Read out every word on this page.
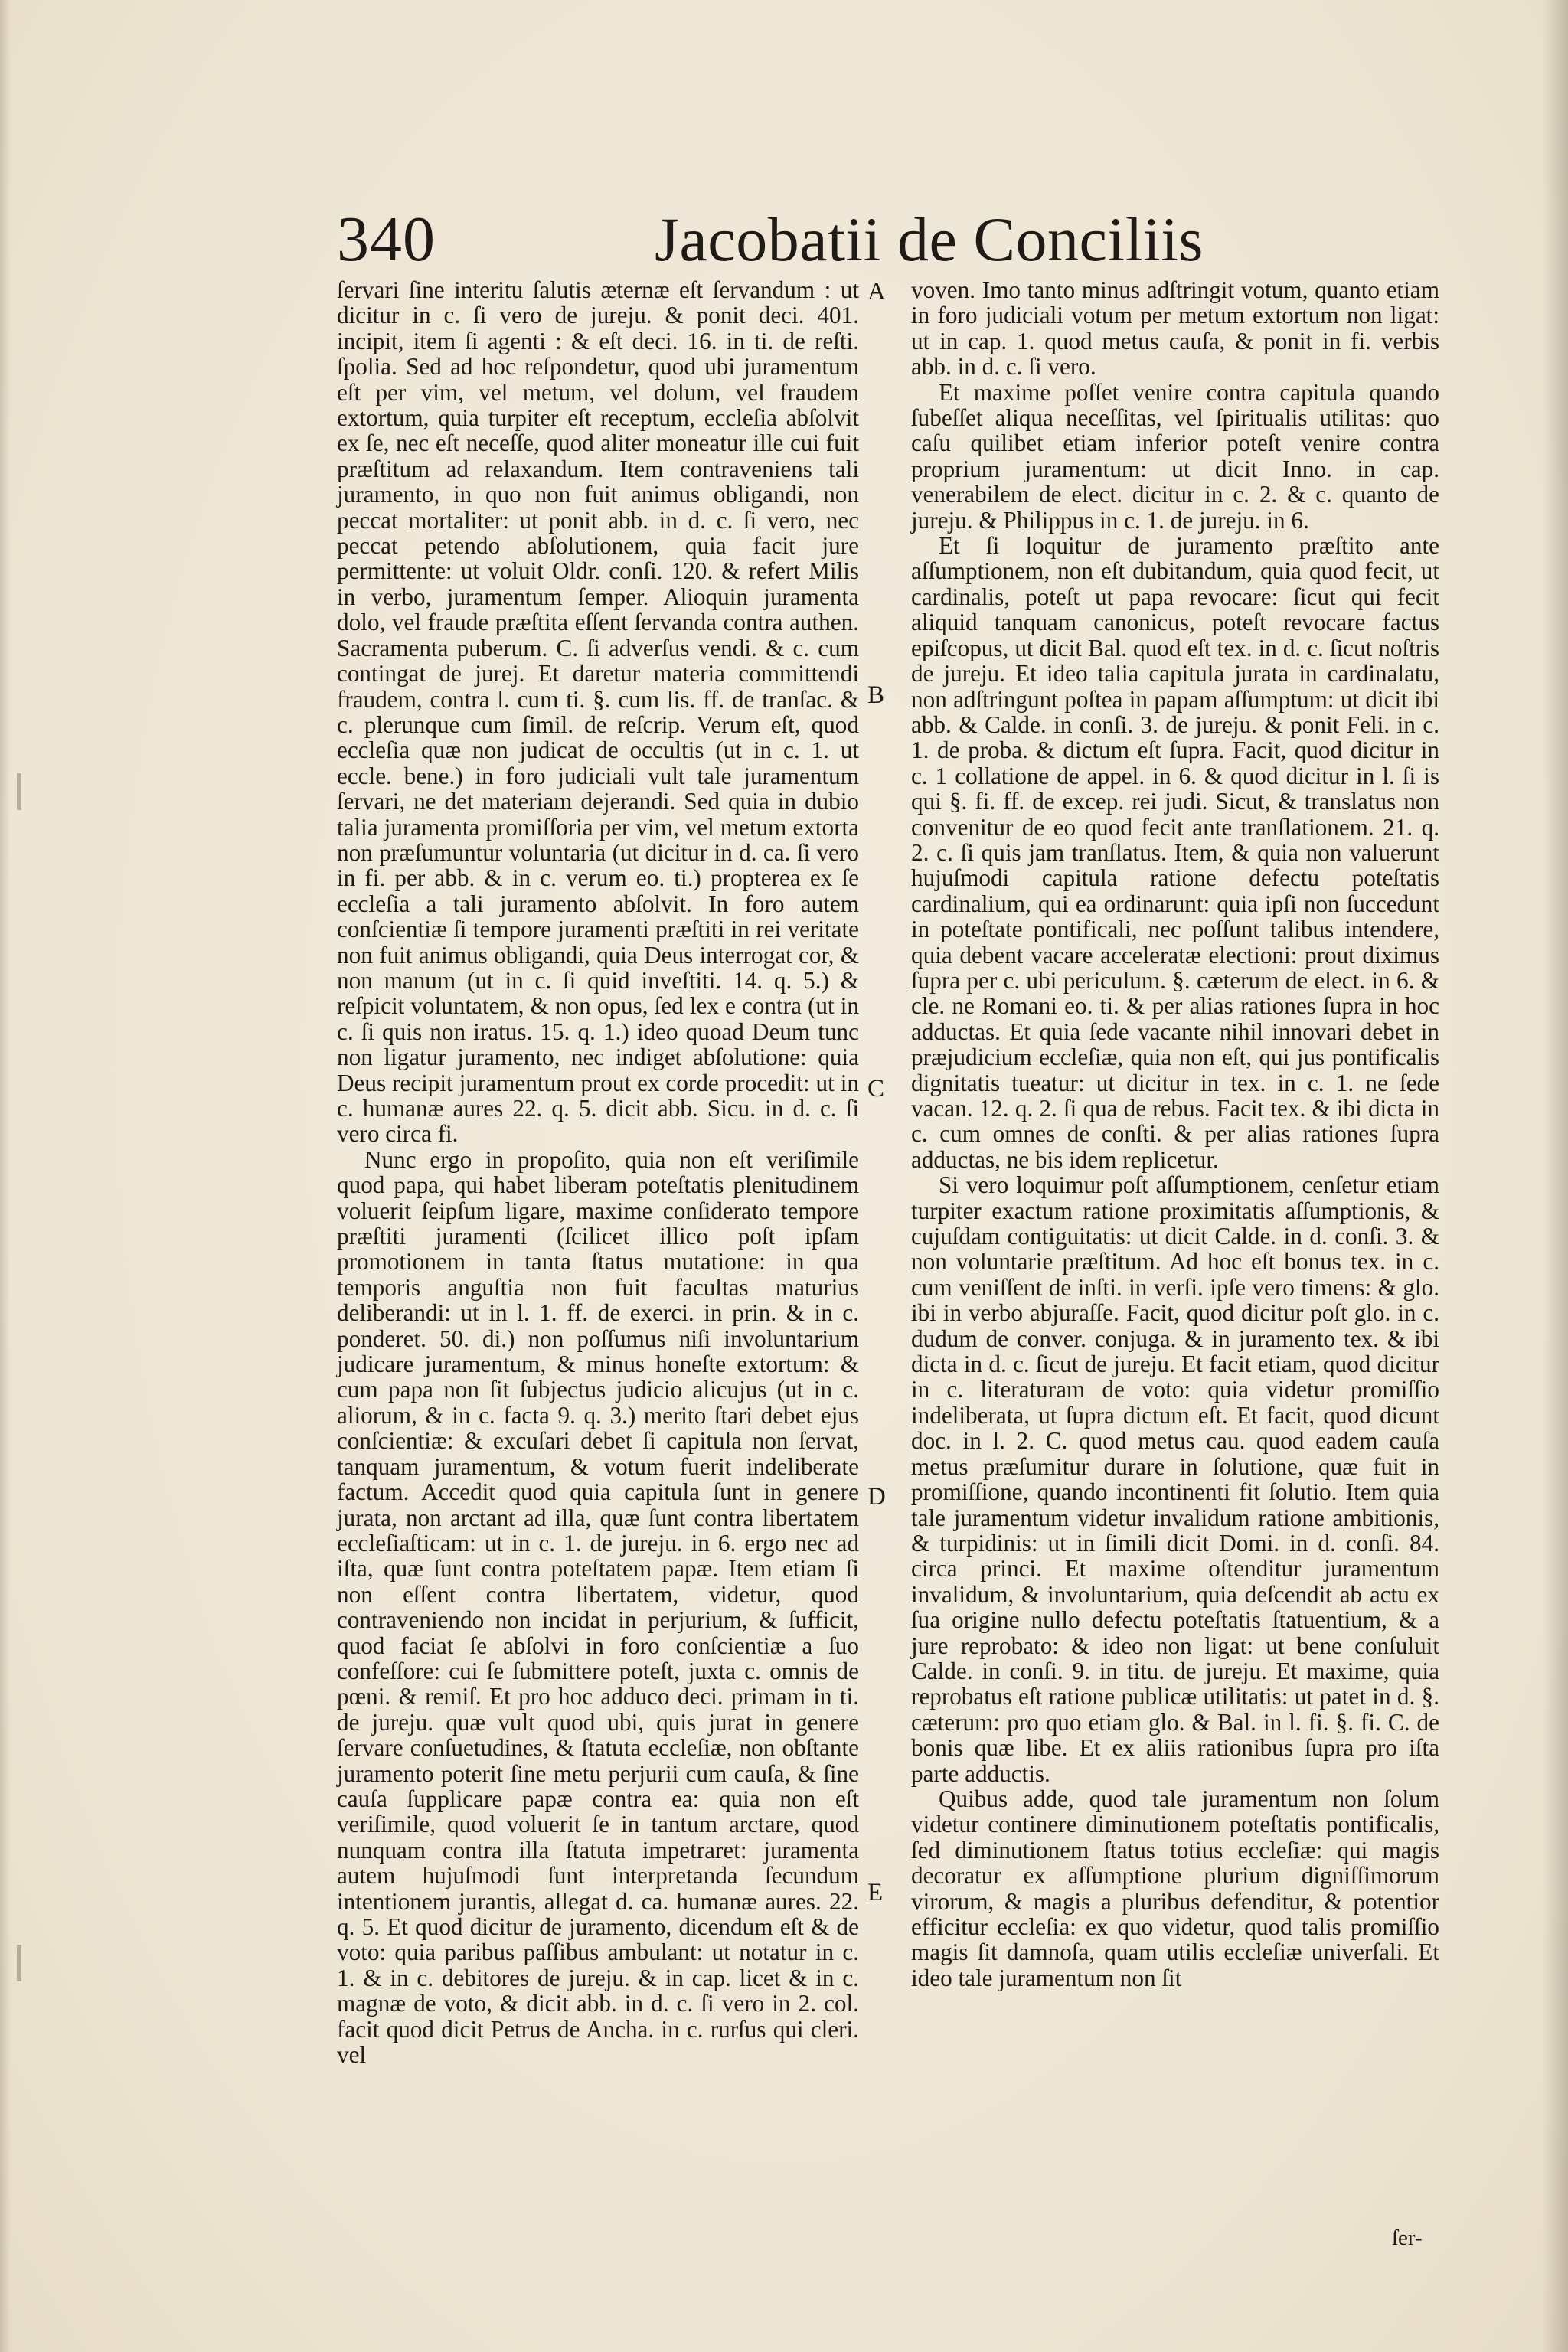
340	Jacobatii de Conciliis

ſervari ſine interitu ſalutis æternæ eſt ſervandum : ut dicitur in c. ſi vero de jureju. & ponit deci. 401. incipit, item ſi agenti : & eſt deci. 16. in ti. de reſti. ſpolia. Sed ad hoc reſpondetur, quod ubi juramentum eſt per vim, vel metum, vel dolum, vel fraudem extortum, quia turpiter eſt receptum, eccleſia abſolvit ex ſe, nec eſt neceſſe, quod aliter moneatur ille cui fuit præſtitum ad relaxandum. Item contraveniens tali juramento, in quo non fuit animus obligandi, non peccat mortaliter: ut ponit abb. in d. c. ſi vero, nec peccat petendo abſolutionem, quia facit jure permittente: ut voluit Oldr. conſi. 120. & refert Milis in verbo, juramentum ſemper. Alioquin juramenta dolo, vel fraude præſtita eſſent ſervanda contra authen. Sacramenta puberum. C. ſi adverſus vendi. & c. cum contingat de jurej. Et daretur materia committendi fraudem, contra l. cum ti. §. cum lis. ff. de tranſac. & c. plerunque cum ſimil. de reſcrip. Verum eſt, quod eccleſia quæ non judicat de occultis (ut in c. 1. ut eccle. bene.) in foro judiciali vult tale juramentum ſervari, ne det materiam dejerandi. Sed quia in dubio talia juramenta promiſſoria per vim, vel metum extorta non præſumuntur voluntaria (ut dicitur in d. ca. ſi vero in fi. per abb. & in c. verum eo. ti.) propterea ex ſe eccleſia a tali juramento abſolvit. In foro autem conſcientiæ ſi tempore juramenti præſtiti in rei veritate non fuit animus obligandi, quia Deus interrogat cor, & non manum (ut in c. ſi quid inveſtiti. 14. q. 5.) & reſpicit voluntatem, & non opus, ſed lex e contra (ut in c. ſi quis non iratus. 15. q. 1.) ideo quoad Deum tunc non ligatur juramento, nec indiget abſolutione: quia Deus recipit juramentum prout ex corde procedit: ut in c. humanæ aures 22. q. 5. dicit abb. Sicu. in d. c. ſi vero circa fi.

Nunc ergo in propoſito, quia non eſt veriſimile quod papa, qui habet liberam poteſtatis plenitudinem voluerit ſeipſum ligare, maxime conſiderato tempore præſtiti juramenti (ſcilicet illico poſt ipſam promotionem in tanta ſtatus mutatione: in qua temporis anguſtia non fuit facultas maturius deliberandi: ut in l. 1. ff. de exerci. in prin. & in c. ponderet. 50. di.) non poſſumus niſi involuntarium judicare juramentum, & minus honeſte extortum: & cum papa non ſit ſubjectus judicio alicujus (ut in c. aliorum, & in c. facta 9. q. 3.) merito ſtari debet ejus conſcientiæ: & excuſari debet ſi capitula non ſervat, tanquam juramentum, & votum fuerit indeliberate factum. Accedit quod quia capitula ſunt in genere jurata, non arctant ad illa, quæ ſunt contra libertatem eccleſiaſticam: ut in c. 1. de jureju. in 6. ergo nec ad iſta, quæ ſunt contra poteſtatem papæ. Item etiam ſi non eſſent contra libertatem, videtur, quod contraveniendo non incidat in perjurium, & ſufficit, quod faciat ſe abſolvi in foro conſcientiæ a ſuo confeſſore: cui ſe ſubmittere poteſt, juxta c. omnis de pœni. & remiſ. Et pro hoc adduco deci. primam in ti. de jureju. quæ vult quod ubi, quis jurat in genere ſervare conſuetudines, & ſtatuta eccleſiæ, non obſtante juramento poterit ſine metu perjurii cum cauſa, & ſine cauſa ſupplicare papæ contra ea: quia non eſt veriſimile, quod voluerit ſe in tantum arctare, quod nunquam contra illa ſtatuta impetraret: juramenta autem hujuſmodi ſunt interpretanda ſecundum intentionem jurantis, allegat d. ca. humanæ aures. 22. q. 5. Et quod dicitur de juramento, dicendum eſt & de voto: quia paribus paſſibus ambulant: ut notatur in c. 1. & in c. debitores de jureju. & in cap. licet & in c. magnæ de voto, & dicit abb. in d. c. ſi vero in 2. col. facit quod dicit Petrus de Ancha. in c. rurſus qui cleri. vel

A
B
C
D
E

voven. Imo tanto minus adſtringit votum, quanto etiam in foro judiciali votum per metum extortum non ligat: ut in cap. 1. quod metus cauſa, & ponit in fi. verbis abb. in d. c. ſi vero.

Et maxime poſſet venire contra capitula quando ſubeſſet aliqua neceſſitas, vel ſpiritualis utilitas: quo caſu quilibet etiam inferior poteſt venire contra proprium juramentum: ut dicit Inno. in cap. venerabilem de elect. dicitur in c. 2. & c. quanto de jureju. & Philippus in c. 1. de jureju. in 6.

Et ſi loquitur de juramento præſtito ante aſſumptionem, non eſt dubitandum, quia quod fecit, ut cardinalis, poteſt ut papa revocare: ſicut qui fecit aliquid tanquam canonicus, poteſt revocare factus epiſcopus, ut dicit Bal. quod eſt tex. in d. c. ſicut noſtris de jureju. Et ideo talia capitula jurata in cardinalatu, non adſtringunt poſtea in papam aſſumptum: ut dicit ibi abb. & Calde. in conſi. 3. de jureju. & ponit Feli. in c. 1. de proba. & dictum eſt ſupra. Facit, quod dicitur in c. 1 collatione de appel. in 6. & quod dicitur in l. ſi is qui §. fi. ff. de excep. rei judi. Sicut, & translatus non convenitur de eo quod fecit ante tranſlationem. 21. q. 2. c. ſi quis jam tranſlatus. Item, & quia non valuerunt hujuſmodi capitula ratione defectu poteſtatis cardinalium, qui ea ordinarunt: quia ipſi non ſuccedunt in poteſtate pontificali, nec poſſunt talibus intendere, quia debent vacare acceleratæ electioni: prout diximus ſupra per c. ubi periculum. §. cæterum de elect. in 6. & cle. ne Romani eo. ti. & per alias rationes ſupra in hoc adductas. Et quia ſede vacante nihil innovari debet in præjudicium eccleſiæ, quia non eſt, qui jus pontificalis dignitatis tueatur: ut dicitur in tex. in c. 1. ne ſede vacan. 12. q. 2. ſi qua de rebus. Facit tex. & ibi dicta in c. cum omnes de conſti. & per alias rationes ſupra adductas, ne bis idem replicetur.

Si vero loquimur poſt aſſumptionem, cenſetur etiam turpiter exactum ratione proximitatis aſſumptionis, & cujuſdam contiguitatis: ut dicit Calde. in d. conſi. 3. & non voluntarie præſtitum. Ad hoc eſt bonus tex. in c. cum veniſſent de inſti. in verſi. ipſe vero timens: & glo. ibi in verbo abjuraſſe. Facit, quod dicitur poſt glo. in c. dudum de conver. conjuga. & in juramento tex. & ibi dicta in d. c. ſicut de jureju. Et facit etiam, quod dicitur in c. literaturam de voto: quia videtur promiſſio indeliberata, ut ſupra dictum eſt. Et facit, quod dicunt doc. in l. 2. C. quod metus cau. quod eadem cauſa metus præſumitur durare in ſolutione, quæ fuit in promiſſione, quando incontinenti fit ſolutio. Item quia tale juramentum videtur invalidum ratione ambitionis, & turpidinis: ut in ſimili dicit Domi. in d. conſi. 84. circa princi. Et maxime oſtenditur juramentum invalidum, & involuntarium, quia deſcendit ab actu ex ſua origine nullo defectu poteſtatis ſtatuentium, & a jure reprobato: & ideo non ligat: ut bene conſuluit Calde. in conſi. 9. in titu. de jureju. Et maxime, quia reprobatus eſt ratione publicæ utilitatis: ut patet in d. §. cæterum: pro quo etiam glo. & Bal. in l. fi. §. fi. C. de bonis quæ libe. Et ex aliis rationibus ſupra pro iſta parte adductis.

Quibus adde, quod tale juramentum non ſolum videtur continere diminutionem poteſtatis pontificalis, ſed diminutionem ſtatus totius eccleſiæ: qui magis decoratur ex aſſumptione plurium digniſſimorum virorum, & magis a pluribus defenditur, & potentior efficitur eccleſia: ex quo videtur, quod talis promiſſio magis ſit damnoſa, quam utilis eccleſiæ univerſali. Et ideo tale juramentum non ſit

ſer-
